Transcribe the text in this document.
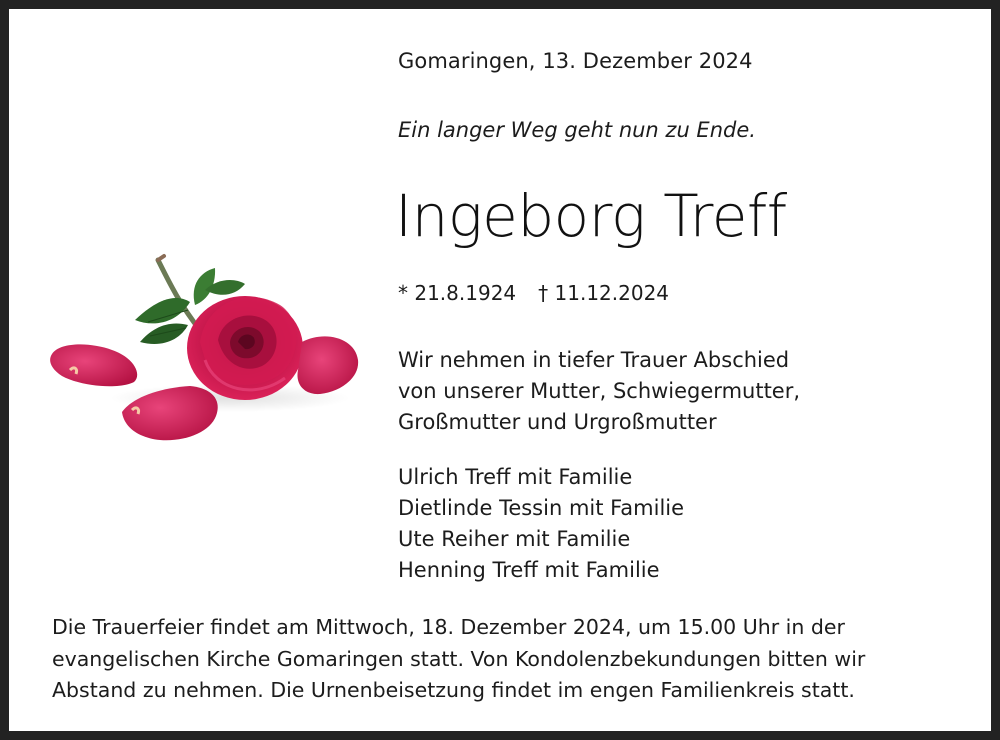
Gomaringen, 13. Dezember 2024
Ein langer Weg geht nun zu Ende.
Ingeborg Treff
* 21.8.1924 † 11.12.2024
Wir nehmen in tiefer Trauer Abschied
von unserer Mutter, Schwiegermutter,
Großmutter und Urgroßmutter
Ulrich Treff mit Familie
Dietlinde Tessin mit Familie
Ute Reiher mit Familie
Henning Treff mit Familie
Die Trauerfeier findet am Mittwoch, 18. Dezember 2024, um 15.00 Uhr in der
evangelischen Kirche Gomaringen statt. Von Kondolenzbekundungen bitten wir
Abstand zu nehmen. Die Urnenbeisetzung findet im engen Familienkreis statt.
